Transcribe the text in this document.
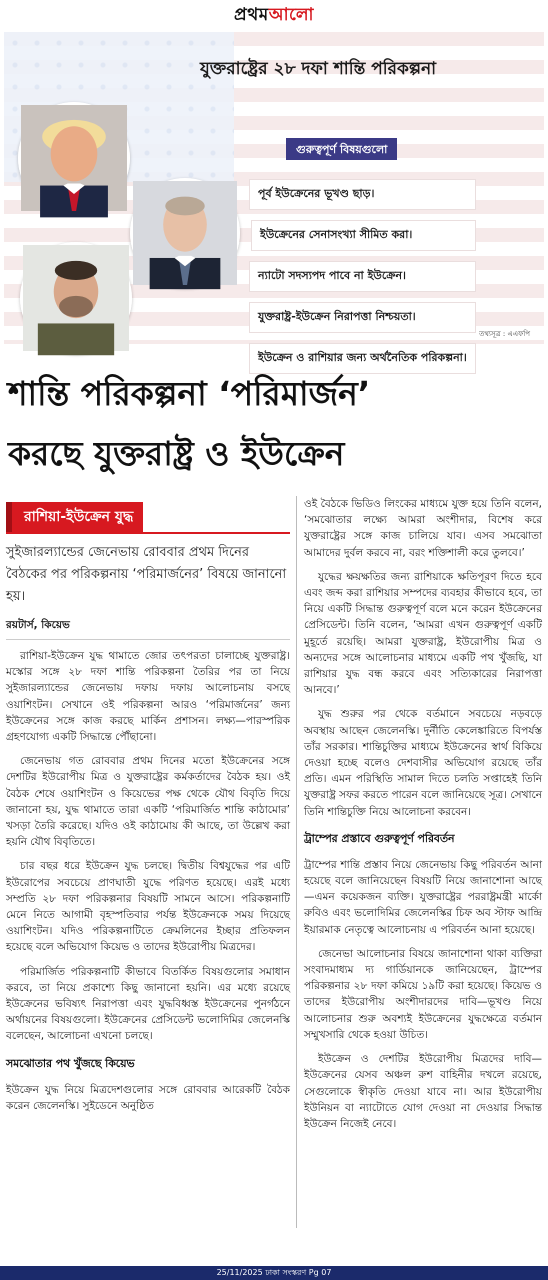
প্রথমআলো
যুক্তরাষ্ট্রের ২৮ দফা শান্তি পরিকল্পনা
গুরুত্বপূর্ণ বিষয়গুলো
পূর্ব ইউক্রেনের ভূখণ্ড ছাড়।
ইউক্রেনের সেনাসংখ্যা সীমিত করা।
ন্যাটো সদস্যপদ পাবে না ইউক্রেন।
যুক্তরাষ্ট্র-ইউক্রেন নিরাপত্তা নিশ্চয়তা।
ইউক্রেন ও রাশিয়ার জন্য অর্থনৈতিক পরিকল্পনা।
তথ্যসূত্র : এএফপি
শান্তি পরিকল্পনা ‘পরিমার্জন’
করছে যুক্তরাষ্ট্র ও ইউক্রেন
রাশিয়া-ইউক্রেন যুদ্ধ

সুইজারল্যান্ডের জেনেভায় রোববার প্রথম দিনের বৈঠকের পর পরিকল্পনায় ‘পরিমার্জনের’ বিষয়ে জানানো হয়।

রয়টার্স, কিয়েভ

রাশিয়া-ইউক্রেন যুদ্ধ থামাতে জোর তৎপরতা চালাচ্ছে যুক্তরাষ্ট্র। মস্কোর সঙ্গে ২৮ দফা শান্তি পরিকল্পনা তৈরির পর তা নিয়ে সুইজারল্যান্ডের জেনেভায় দফায় দফায় আলোচনায় বসছে ওয়াশিংটন। সেখানে ওই পরিকল্পনা আরও ‘পরিমার্জনের’ জন্য ইউক্রেনের সঙ্গে কাজ করছে মার্কিন প্রশাসন। লক্ষ্য—পারস্পরিক গ্রহণযোগ্য একটি সিদ্ধান্তে পৌঁছানো।

জেনেভায় গত রোববার প্রথম দিনের মতো ইউক্রেনের সঙ্গে দেশটির ইউরোপীয় মিত্র ও যুক্তরাষ্ট্রের কর্মকর্তাদের বৈঠক হয়। ওই বৈঠক শেষে ওয়াশিংটন ও কিয়েভের পক্ষ থেকে যৌথ বিবৃতি দিয়ে জানানো হয়, যুদ্ধ থামাতে তারা একটি ‘পরিমার্জিত শান্তি কাঠামোর’ খসড়া তৈরি করেছে। যদিও ওই কাঠামোয় কী আছে, তা উল্লেখ করা হয়নি যৌথ বিবৃতিতে।

চার বছর ধরে ইউক্রেন যুদ্ধ চলছে। দ্বিতীয় বিশ্বযুদ্ধের পর এটি ইউরোপের সবচেয়ে প্রাণঘাতী যুদ্ধে পরিণত হয়েছে। এরই মধ্যে সম্প্রতি ২৮ দফা পরিকল্পনার বিষয়টি সামনে আসে। পরিকল্পনাটি মেনে নিতে আগামী বৃহস্পতিবার পর্যন্ত ইউক্রেনকে সময় দিয়েছে ওয়াশিংটন। যদিও পরিকল্পনাটিতে ক্রেমলিনের ইচ্ছার প্রতিফলন হয়েছে বলে অভিযোগ কিয়েভ ও তাদের ইউরোপীয় মিত্রদের।

পরিমার্জিত পরিকল্পনাটি কীভাবে বিতর্কিত বিষয়গুলোর সমাধান করবে, তা নিয়ে প্রকাশ্যে কিছু জানানো হয়নি। এর মধ্যে রয়েছে ইউক্রেনের ভবিষ্যৎ নিরাপত্তা এবং যুদ্ধবিধ্বস্ত ইউক্রেনের পুনর্গঠনে অর্থায়নের বিষয়গুলো। ইউক্রেনের প্রেসিডেন্ট ভলোদিমির জেলেনস্কি বলেছেন, আলোচনা এখনো চলছে।

সমঝোতার পথ খুঁজছে কিয়েভ

ইউক্রেন যুদ্ধ নিয়ে মিত্রদেশগুলোর সঙ্গে রোববার আরেকটি বৈঠক করেন জেলেনস্কি। সুইডেনে অনুষ্ঠিত

ওই বৈঠকে ভিডিও লিংকের মাধ্যমে যুক্ত হয়ে তিনি বলেন, ‘সমঝোতার লক্ষ্যে আমরা অংশীদার, বিশেষ করে যুক্তরাষ্ট্রের সঙ্গে কাজ চালিয়ে যাব। এসব সমঝোতা আমাদের দুর্বল করবে না, বরং শক্তিশালী করে তুলবে।’

যুদ্ধের ক্ষয়ক্ষতির জন্য রাশিয়াকে ক্ষতিপূরণ দিতে হবে এবং জব্দ করা রাশিয়ার সম্পদের ব্যবহার কীভাবে হবে, তা নিয়ে একটি সিদ্ধান্ত গুরুত্বপূর্ণ বলে মনে করেন ইউক্রেনের প্রেসিডেন্ট। তিনি বলেন, ‘আমরা এখন গুরুত্বপূর্ণ একটি মুহূর্তে রয়েছি। আমরা যুক্তরাষ্ট্র, ইউরোপীয় মিত্র ও অন্যদের সঙ্গে আলোচনার মাধ্যমে একটি পথ খুঁজছি, যা রাশিয়ার যুদ্ধ বন্ধ করবে এবং সত্যিকারের নিরাপত্তা আনবে।’

যুদ্ধ শুরুর পর থেকে বর্তমানে সবচেয়ে নড়বড়ে অবস্থায় আছেন জেলেনস্কি। দুর্নীতি কেলেঙ্কারিতে বিপর্যস্ত তাঁর সরকার। শান্তিচুক্তির মাধ্যমে ইউক্রেনের স্বার্থ বিকিয়ে দেওয়া হচ্ছে বলেও দেশবাসীর অভিযোগ রয়েছে তাঁর প্রতি। এমন পরিস্থিতি সামাল দিতে চলতি সপ্তাহেই তিনি যুক্তরাষ্ট্র সফর করতে পারেন বলে জানিয়েছে সূত্র। সেখানে তিনি শান্তিচুক্তি নিয়ে আলোচনা করবেন।

ট্রাম্পের প্রস্তাবে গুরুত্বপূর্ণ পরিবর্তন

ট্রাম্পের শান্তি প্রস্তাব নিয়ে জেনেভায় কিছু পরিবর্তন আনা হয়েছে বলে জানিয়েছেন বিষয়টি নিয়ে জানাশোনা আছে—এমন কয়েকজন ব্যক্তি। যুক্তরাষ্ট্রের পররাষ্ট্রমন্ত্রী মার্কো রুবিও এবং ভলোদিমির জেলেনস্কির চিফ অব স্টাফ আন্দ্রি ইয়ারমাক নেতৃত্বে আলোচনায় এ পরিবর্তন আনা হয়েছে।

জেনেভা আলোচনার বিষয়ে জানাশোনা থাকা ব্যক্তিরা সংবাদমাধ্যম দ্য গার্ডিয়ানকে জানিয়েছেন, ট্রাম্পের পরিকল্পনার ২৮ দফা কমিয়ে ১৯টি করা হয়েছে। কিয়েভ ও তাদের ইউরোপীয় অংশীদারদের দাবি—ভূখণ্ড নিয়ে আলোচনার শুরু অবশ্যই ইউক্রেনের যুদ্ধক্ষেত্রে বর্তমান সম্মুখসারি থেকে হওয়া উচিত।

ইউক্রেন ও দেশটির ইউরোপীয় মিত্রদের দাবি—ইউক্রেনের যেসব অঞ্চল রুশ বাহিনীর দখলে রয়েছে, সেগুলোকে স্বীকৃতি দেওয়া যাবে না। আর ইউরোপীয় ইউনিয়ন বা ন্যাটোতে যোগ দেওয়া না দেওয়ার সিদ্ধান্ত ইউক্রেন নিজেই নেবে।

25/11/2025 ঢাকা সংস্করণ Pg 07
